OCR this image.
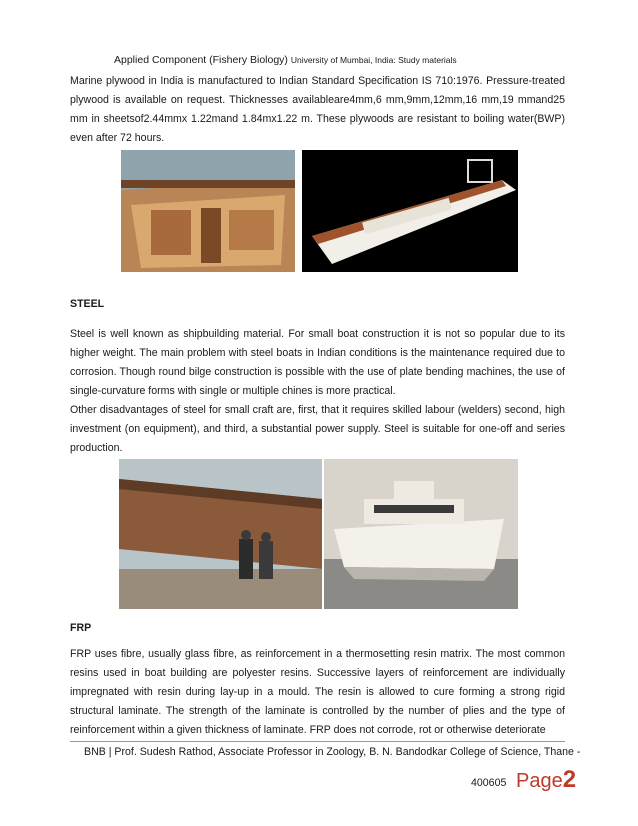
Applied Component (Fishery Biology) University of Mumbai, India: Study materials

Marine plywood in India is manufactured to Indian Standard Specification IS 710:1976. Pressure-treated plywood is available on request. Thicknesses availableare4mm,6 mm,9mm,12mm,16 mm,19 mmand25 mm in sheetsof2.44mmx 1.22mand 1.84mx1.22 m. These plywoods are resistant to boiling water(BWP) even after 72 hours.

STEEL

Steel is well known as shipbuilding material. For small boat construction it is not so popular due to its higher weight. The main problem with steel boats in Indian conditions is the maintenance required due to corrosion. Though round bilge construction is possible with the use of plate bending machines, the use of single-curvature forms with single or multiple chines is more practical.

Other disadvantages of steel for small craft are, first, that it requires skilled labour (welders) second, high investment (on equipment), and third, a substantial power supply. Steel is suitable for one-off and series production.

FRP

FRP uses fibre, usually glass fibre, as reinforcement in a thermosetting resin matrix. The most common resins used in boat building are polyester resins. Successive layers of reinforcement are individually impregnated with resin during lay-up in a mould. The resin is allowed to cure forming a strong rigid structural laminate. The strength of the laminate is controlled by the number of plies and the type of reinforcement within a given thickness of laminate. FRP does not corrode, rot or otherwise deteriorate

BNB | Prof. Sudesh Rathod, Associate Professor in Zoology, B. N. Bandodkar College of Science, Thane -
400605 Page2
